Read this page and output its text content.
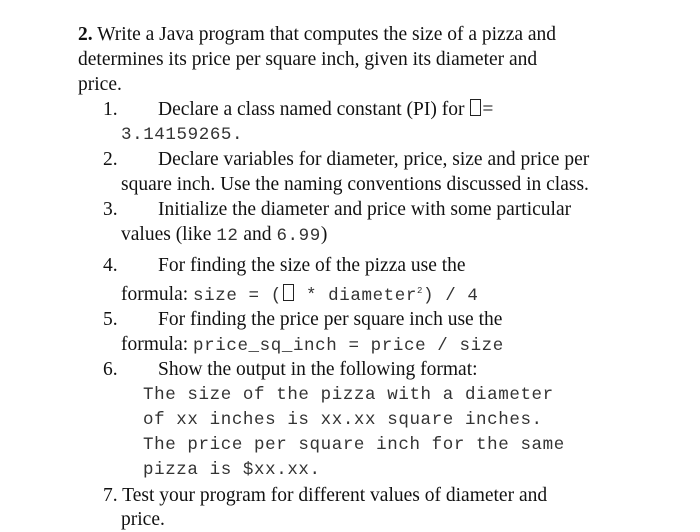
2. Write a Java program that computes the size of a pizza and
determines its price per square inch, given its diameter and
price.
1. Declare a class named constant (PI) for =
3.14159265.
2. Declare variables for diameter, price, size and price per
square inch. Use the naming conventions discussed in class.
3. Initialize the diameter and price with some particular
values (like 12 and 6.99)
4. For finding the size of the pizza use the
formula: size = ( * diameter$^2$) / 4
5. For finding the price per square inch use the
formula: price_sq_inch = price / size
6. Show the output in the following format:
The size of the pizza with a diameter
of xx inches is xx.xx square inches.
The price per square inch for the same
pizza is $xx.xx.
7. Test your program for different values of diameter and
price.
